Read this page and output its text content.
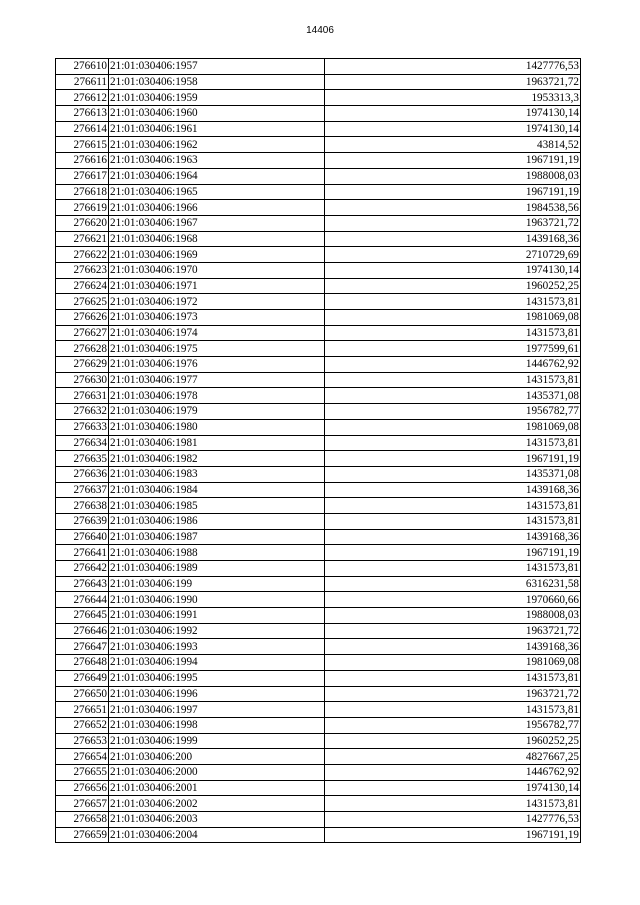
14406
276610	21:01:030406:1957	1427776,53
276611	21:01:030406:1958	1963721,72
276612	21:01:030406:1959	1953313,3
276613	21:01:030406:1960	1974130,14
276614	21:01:030406:1961	1974130,14
276615	21:01:030406:1962	43814,52
276616	21:01:030406:1963	1967191,19
276617	21:01:030406:1964	1988008,03
276618	21:01:030406:1965	1967191,19
276619	21:01:030406:1966	1984538,56
276620	21:01:030406:1967	1963721,72
276621	21:01:030406:1968	1439168,36
276622	21:01:030406:1969	2710729,69
276623	21:01:030406:1970	1974130,14
276624	21:01:030406:1971	1960252,25
276625	21:01:030406:1972	1431573,81
276626	21:01:030406:1973	1981069,08
276627	21:01:030406:1974	1431573,81
276628	21:01:030406:1975	1977599,61
276629	21:01:030406:1976	1446762,92
276630	21:01:030406:1977	1431573,81
276631	21:01:030406:1978	1435371,08
276632	21:01:030406:1979	1956782,77
276633	21:01:030406:1980	1981069,08
276634	21:01:030406:1981	1431573,81
276635	21:01:030406:1982	1967191,19
276636	21:01:030406:1983	1435371,08
276637	21:01:030406:1984	1439168,36
276638	21:01:030406:1985	1431573,81
276639	21:01:030406:1986	1431573,81
276640	21:01:030406:1987	1439168,36
276641	21:01:030406:1988	1967191,19
276642	21:01:030406:1989	1431573,81
276643	21:01:030406:199	6316231,58
276644	21:01:030406:1990	1970660,66
276645	21:01:030406:1991	1988008,03
276646	21:01:030406:1992	1963721,72
276647	21:01:030406:1993	1439168,36
276648	21:01:030406:1994	1981069,08
276649	21:01:030406:1995	1431573,81
276650	21:01:030406:1996	1963721,72
276651	21:01:030406:1997	1431573,81
276652	21:01:030406:1998	1956782,77
276653	21:01:030406:1999	1960252,25
276654	21:01:030406:200	4827667,25
276655	21:01:030406:2000	1446762,92
276656	21:01:030406:2001	1974130,14
276657	21:01:030406:2002	1431573,81
276658	21:01:030406:2003	1427776,53
276659	21:01:030406:2004	1967191,19
